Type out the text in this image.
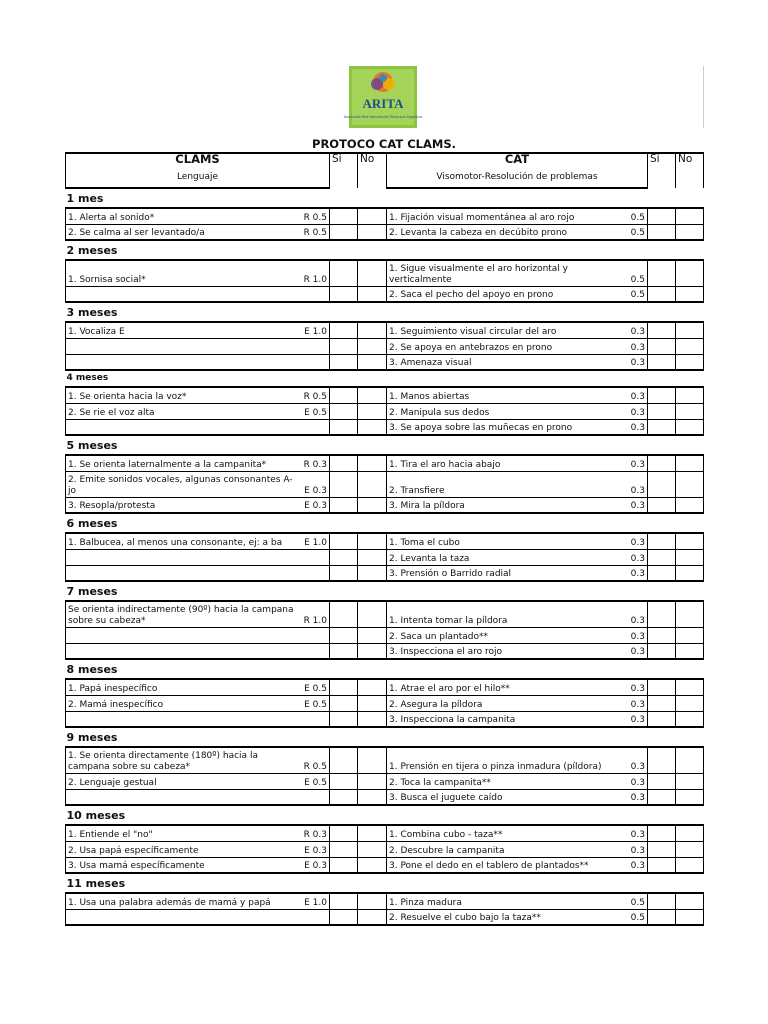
ARITA
Asociación Red Intervención Temprana Argentina
PROTOCO CAT CLAMS.
CLAMS	Si	No	CAT	Si	No
Lenguaje			Visomotor-Resolución de problemas		
1 mes					

1. Alerta al sonido* R 0.5			1. Fijación visual momentánea al aro rojo 0.5		

2. Se calma al ser levantado/a R 0.5			2. Levanta la cabeza en decúbito prono 0.5		

2 meses					

1. Sornisa social* R 1.0			1. Sigue visualmente el aro horizontal y verticalmente 0.5		

			2. Saca el pecho del apoyo en prono 0.5		

3 meses					

1. Vocaliza E E 1.0			1. Seguimiento visual circular del aro 0.3		

			2. Se apoya en antebrazos en prono 0.3		

			3. Amenaza visual 0.3		

4 meses					

1. Se orienta hacia la voz* R 0.5			1. Manos abiertas 0.3		

2. Se rie el voz alta E 0.5			2. Manipula sus dedos 0.3		

			3. Se apoya sobre las muñecas en prono 0.3		

5 meses					

1. Se orienta laternalmente a la campanita* R 0.3			1. Tira el aro hacia abajo 0.3		

2. Emite sonidos vocales, algunas consonantes A-jo E 0.3			2. Transfiere 0.3		

3. Resopla/protesta E 0.3			3. Mira la píldora 0.3		

6 meses					

1. Balbucea, al menos una consonante, ej: a ba E 1.0			1. Toma el cubo 0.3		

			2. Levanta la taza 0.3		

			3. Prensión o Barrido radial 0.3		

7 meses					

Se orienta indirectamente (90º) hacia la campana sobre su cabeza* R 1.0			1. Intenta tomar la píldora 0.3		

			2. Saca un plantado** 0.3		

			3. Inspecciona el aro rojo 0.3		

8 meses					

1. Papá inespecífico E 0.5			1. Atrae el aro por el hilo** 0.3		

2. Mamá inespecífico E 0.5			2. Asegura la píldora 0.3		

			3. Inspecciona la campanita 0.3		

9 meses					

1. Se orienta directamente (180º) hacia la campana sobre su cabeza* R 0.5			1. Prensión en tijera o pinza inmadura (píldora) 0.3		

2. Lenguaje gestual E 0.5			2. Toca la campanita** 0.3		

			3. Busca el juguete caído 0.3		

10 meses					

1. Entiende el "no" R 0.3			1. Combina cubo - taza** 0.3		

2. Usa papá específicamente E 0.3			2. Descubre la campanita 0.3		

3. Usa mamá específicamente E 0.3			3. Pone el dedo en el tablero de plantados** 0.3		

11 meses					

1. Usa una palabra además de mamá y papá E 1.0			1. Pinza madura 0.5		

			2. Resuelve el cubo bajo la taza** 0.5		
